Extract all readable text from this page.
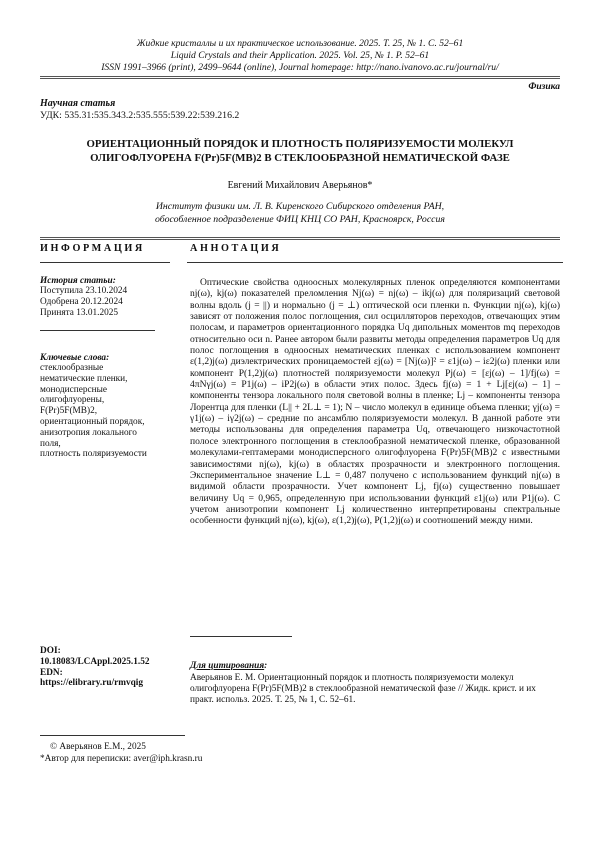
Жидкие кристаллы и их практическое использование. 2025. Т. 25, № 1. С. 52–61
Liquid Crystals and their Application. 2025. Vol. 25, № 1. P. 52–61
ISSN 1991–3966 (print), 2499–9644 (online), Journal homepage: http://nano.ivanovo.ac.ru/journal/ru/
Физика
Научная статья
УДК: 535.31:535.343.2:535.555:539.22:539.216.2
ОРИЕНТАЦИОННЫЙ ПОРЯДОК И ПЛОТНОСТЬ ПОЛЯРИЗУЕМОСТИ МОЛЕКУЛ
ОЛИГОФЛУОРЕНА F(Pr)5F(MB)2 В СТЕКЛООБРАЗНОЙ НЕМАТИЧЕСКОЙ ФАЗЕ
Евгений Михайлович Аверьянов*
Институт физики им. Л. В. Киренского Сибирского отделения РАН,
обособленное подразделение ФИЦ КНЦ СО РАН, Красноярск, Россия
ИНФОРМАЦИЯ	АННОТАЦИЯ
История статьи:
Поступила 23.10.2024
Одобрена 20.12.2024
Принята 13.01.2025
Ключевые слова:
стеклообразные
нематические пленки,
монодисперсные
олигофлуорены,
F(Pr)5F(MB)2,
ориентационный порядок,
анизотропия локального
поля,
плотность поляризуемости
Оптические свойства одноосных молекулярных пленок определяются компонентами nj(ω), kj(ω) показателей преломления Nj(ω) = nj(ω) – ikj(ω) для поляризаций световой волны вдоль (j = ||) и нормально (j = ⊥) оптической оси пленки n. Функции nj(ω), kj(ω) зависят от положения полос поглощения, сил осцилляторов переходов, отвечающих этим полосам, и параметров ориентационного порядка Uq дипольных моментов mq переходов относительно оси n. Ранее автором были развиты методы определения параметров Uq для полос поглощения в одноосных нематических пленках с использованием компонент ε(1,2)j(ω) диэлектрических проницаемостей εj(ω) = [Nj(ω)]² = ε1j(ω) – iε2j(ω) пленки или компонент P(1,2)j(ω) плотностей поляризуемости молекул Pj(ω) = [εj(ω) – 1]/fj(ω) = 4πNγj(ω) = P1j(ω) – iP2j(ω) в области этих полос. Здесь fj(ω) = 1 + Lj[εj(ω) – 1] – компоненты тензора локального поля световой волны в пленке; Lj – компоненты тензора Лорентца для пленки (L|| + 2L⊥ = 1); N – число молекул в единице объема пленки; γj(ω) = γ1j(ω) – iγ2j(ω) – средние по ансамблю поляризуемости молекул. В данной работе эти методы использованы для определения параметра Uq, отвечающего низкочастотной полосе электронного поглощения в стеклообразной нематической пленке, образованной молекулами-гептамерами монодисперсного олигофлуорена F(Pr)5F(MB)2 с известными зависимостями nj(ω), kj(ω) в областях прозрачности и электронного поглощения. Экспериментальное значение L⊥ = 0,487 получено с использованием функций nj(ω) в видимой области прозрачности. Учет компонент Lj, fj(ω) существенно повышает величину Uq = 0,965, определенную при использовании функций ε1j(ω) или P1j(ω). С учетом анизотропии компонент Lj количественно интерпретированы спектральные особенности функций nj(ω), kj(ω), ε(1,2)j(ω), P(1,2)j(ω) и соотношений между ними.
DOI:
10.18083/LCAppl.2025.1.52
EDN:
https://elibrary.ru/rmvqig
Для цитирования:
Аверьянов Е. М. Ориентационный порядок и плотность поляризуемости молекул олигофлуорена F(Pr)5F(MB)2 в стеклообразной нематической фазе // Жидк. крист. и их практ. использ. 2025. Т. 25, № 1, С. 52–61.
© Аверьянов Е.М., 2025
*Автор для переписки: aver@iph.krasn.ru
